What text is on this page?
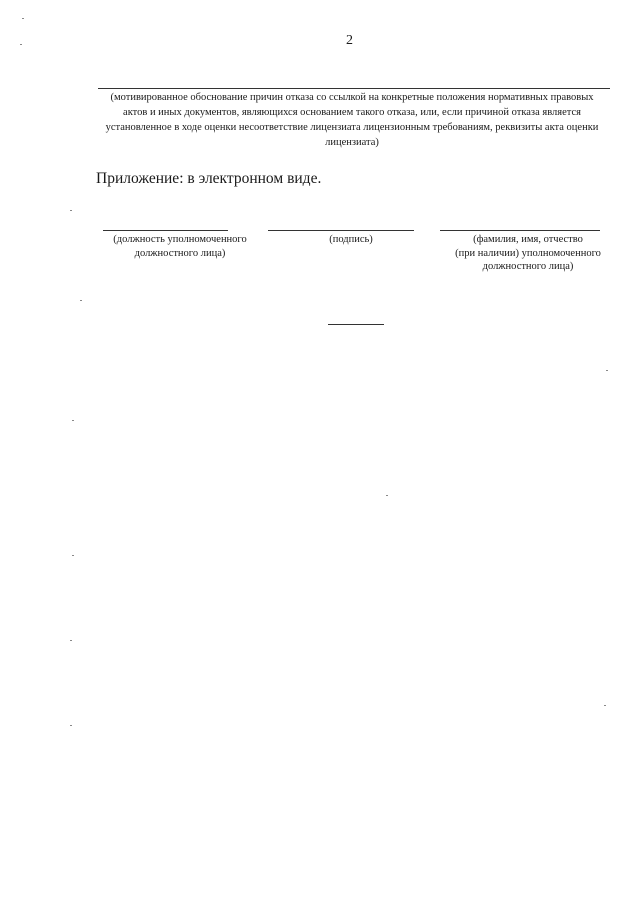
2
(мотивированное обоснование причин отказа со ссылкой на конкретные положения нормативных правовых
актов и иных документов, являющихся основанием такого отказа, или, если причиной отказа является
установленное в ходе оценки несоответствие лицензиата лицензионным требованиям, реквизиты акта оценки
лицензиата)
Приложение: в электронном виде.
(должность уполномоченного
должностного лица)
(подпись)	(фамилия, имя, отчество
(при наличии) уполномоченного
должностного лица)
